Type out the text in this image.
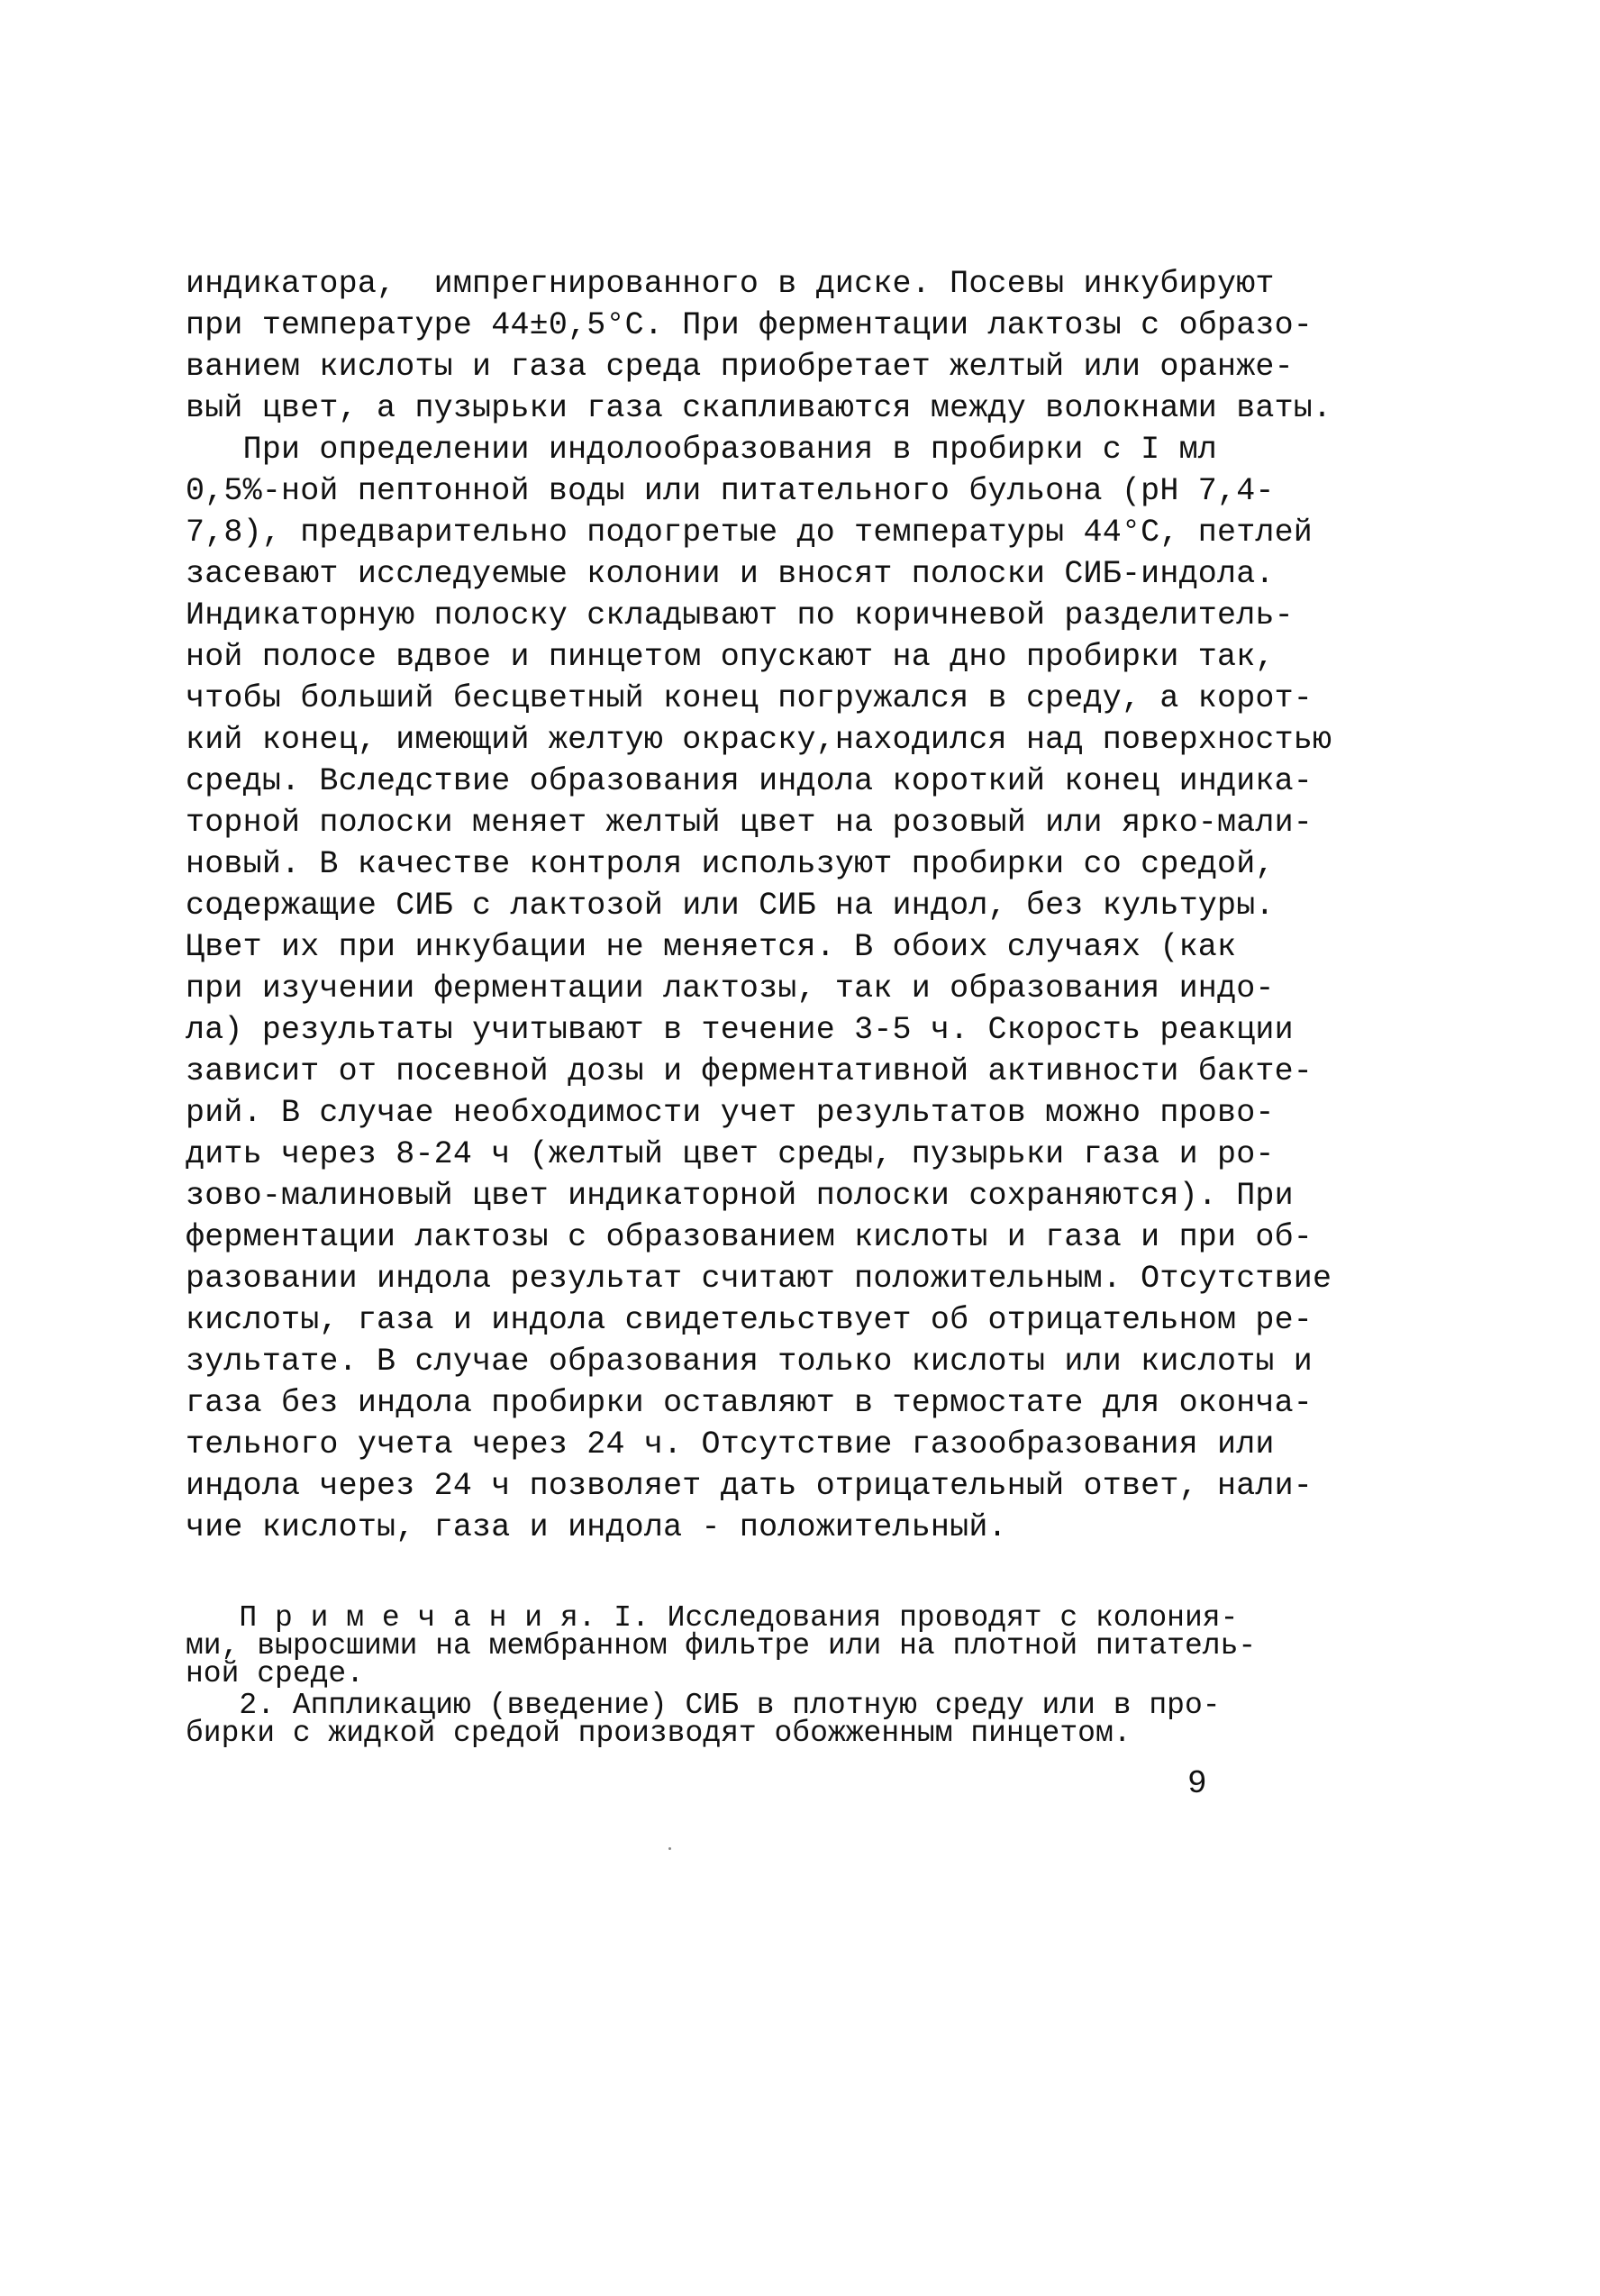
индикатора,  импрегнированного в диске. Посевы инкубируют
при температуре 44±0,5°С. При ферментации лактозы с образо-
ванием кислоты и газа среда приобретает желтый или оранже-
вый цвет, а пузырьки газа скапливаются между волокнами ваты.
При определении индолообразования в пробирки с I мл
0,5%-ной пептонной воды или питательного бульона (рН 7,4-
7,8), предварительно подогретые до температуры 44°С, петлей
засевают исследуемые колонии и вносят полоски СИБ-индола.
Индикаторную полоску складывают по коричневой разделитель-
ной полосе вдвое и пинцетом опускают на дно пробирки так,
чтобы больший бесцветный конец погружался в среду, а корот-
кий конец, имеющий желтую окраску,находился над поверхностью
среды. Вследствие образования индола короткий конец индика-
торной полоски меняет желтый цвет на розовый или ярко-мали-
новый. В качестве контроля используют пробирки со средой,
содержащие СИБ с лактозой или СИБ на индол, без культуры.
Цвет их при инкубации не меняется. В обоих случаях (как
при изучении ферментации лактозы, так и образования индо-
ла) результаты учитывают в течение 3-5 ч. Скорость реакции
зависит от посевной дозы и ферментативной активности бакте-
рий. В случае необходимости учет результатов можно прово-
дить через 8-24 ч (желтый цвет среды, пузырьки газа и ро-
зово-малиновый цвет индикаторной полоски сохраняются). При
ферментации лактозы с образованием кислоты и газа и при об-
разовании индола результат считают положительным. Отсутствие
кислоты, газа и индола свидетельствует об отрицательном ре-
зультате. В случае образования только кислоты или кислоты и
газа без индола пробирки оставляют в термостате для оконча-
тельного учета через 24 ч. Отсутствие газообразования или
индола через 24 ч позволяет дать отрицательный ответ, нали-
чие кислоты, газа и индола - положительный.
П р и м е ч а н и я. I. Исследования проводят с колония-
ми, выросшими на мембранном фильтре или на плотной питатель-
ной среде.
2. Аппликацию (введение) СИБ в плотную среду или в про-
бирки с жидкой средой производят обожженным пинцетом.
9
